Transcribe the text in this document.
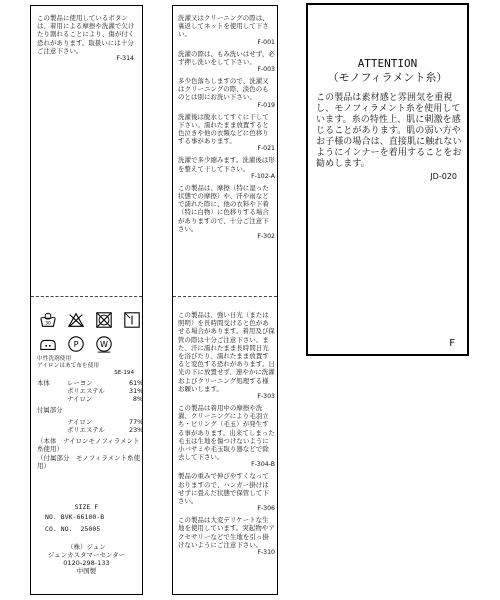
この製品に使用しているボタンは、着用による摩擦や洗濯で欠けたり割れることにより、傷が付く恐れがあります。取扱いには十分ご注意下さい。
F-314
30
P W
中性洗剤使用
アイロンはあて布を使用
SE-194
本体	レーヨン	61%
ポリエステル	31%
ナイロン	8%
付属部分
ナイロン	77%
ポリエステル	23%
（本体　ナイロンモノフィラメント糸使用）
（付属部分　モノフィラメント糸使用）
SIZE F
NO. BVK-66100-B
CO. NO.  25005
（株）ジュン
ジュンカスタマーセンター
0120-298-133
中国製
洗濯又はクリーニングの際は、裏返してネットを使用して下さい。
F-001
洗濯の際は、もみ洗いはせず、必ず押し洗いをして下さい。
F-003
多少色落ちしますので、洗濯又はクリーニングの際、淡色のものとは別にお洗い下さい。
F-019
洗濯後は脱水してすぐに干して下さい。濡れたまま放置すると色泣きや他の衣類などに色移りする事があります。
F-021
洗濯で多少縮みます。洗濯後は形を整えて干して下さい。
F-102-A
この製品は、摩擦（特に湿った状態での摩擦）や、汗や雨などで濡れた際に、他の衣料や下着（特に白物）に色移りする場合がありますので、十分ご注意下さい。
F-302
この製品は、強い日光（または照明）を長時間受けると色があせる場合があります。着用及び保管の際は十分ご注意下さい。また、汗に濡れたまま長時間日光を浴びたり、濡れたまま放置すると変色する恐れがあります。日光の下に放置せず、速やかに洗濯およびクリーニング処理する様お願いします。
F-303
この製品は着用中の摩擦や洗濯、クリーニングにより毛羽立ち・ピリング（毛玉）が発生する事があります。出来てしまった毛玉は生地を傷つけないように小バサミや毛玉取り器などで除去して下さい。
F-304-B
製品の重みで伸びやすくなっておりますので、ハンガー掛けはせずに畳んだ状態で保管して下さい。
F-306
この製品は大変デリケートな生地を使用しています。突起物やアクセサリーなどで生地を引っ掛けないようにご注意下さい。
F-310
ATTENTION
（モノフィラメント糸）
この製品は素材感と雰囲気を重視し、モノフィラメント糸を使用しています。糸の特性上、肌に刺激を感じることがあります。肌の弱い方やお子様の場合は、直接肌に触れないようにインナーを着用することをお勧めします。
JD-020
F
